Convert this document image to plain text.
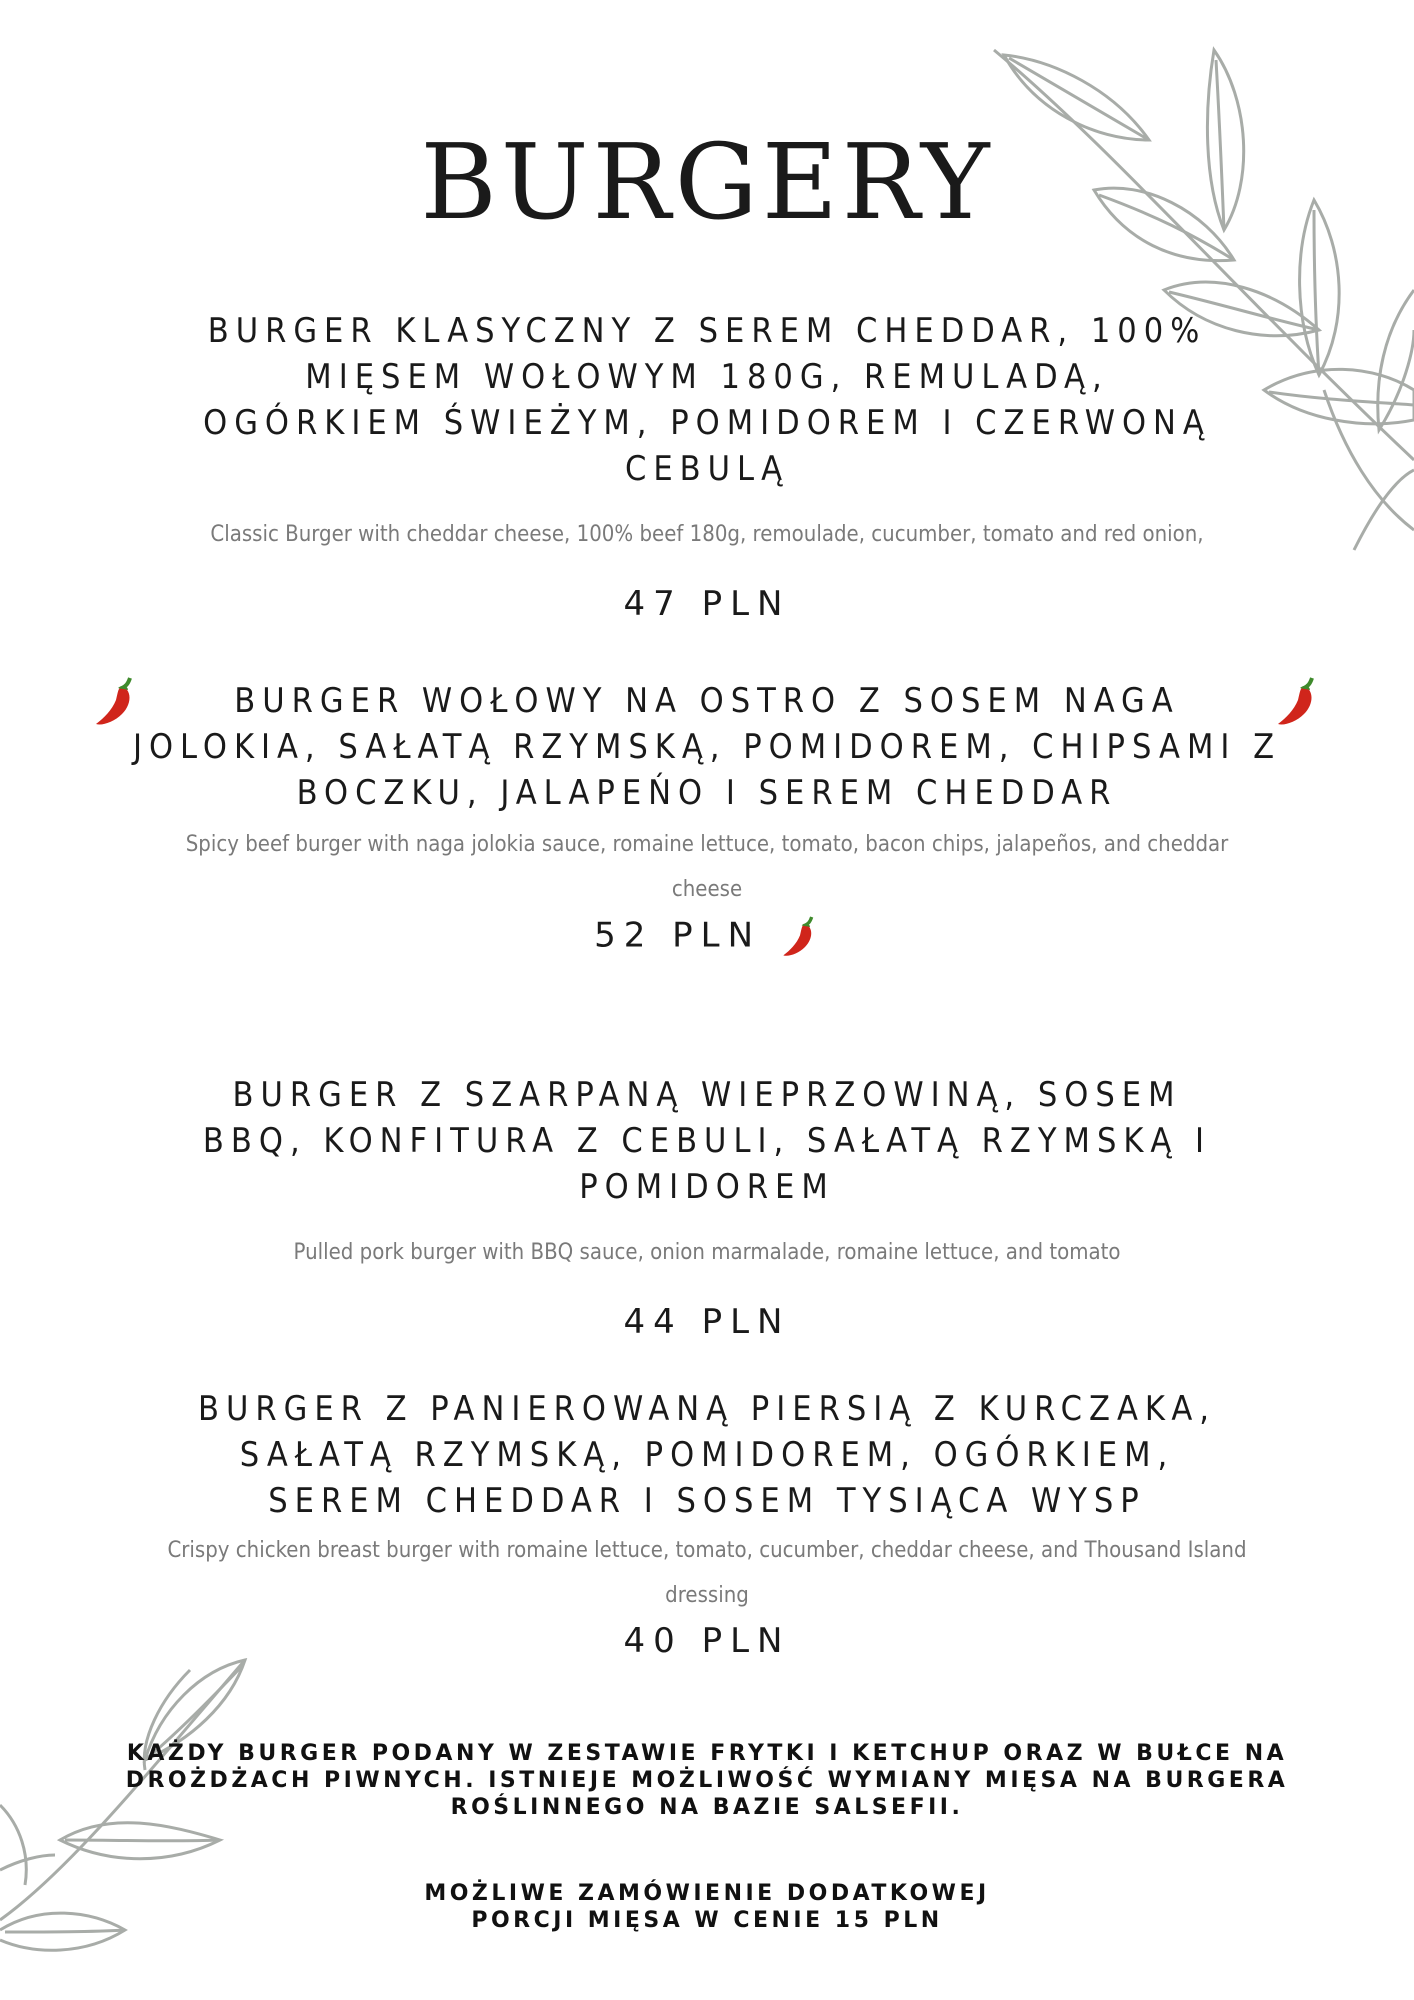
BURGERY
BURGER KLASYCZNY Z SEREM CHEDDAR, 100% MIĘSEM WOŁOWYM 180G, REMULADĄ, OGÓRKIEM ŚWIEŻYM, POMIDOREM I CZERWONĄ CEBULĄ
Classic Burger with cheddar cheese, 100% beef 180g, remoulade, cucumber, tomato and red onion,
47 PLN
BURGER WOŁOWY NA OSTRO Z SOSEM NAGA JOLOKIA, SAŁATĄ RZYMSKĄ, POMIDOREM, CHIPSAMI Z BOCZKU, JALAPEŃO I SEREM CHEDDAR
Spicy beef burger with naga jolokia sauce, romaine lettuce, tomato, bacon chips, jalapeños, and cheddar cheese
52 PLN
BURGER Z SZARPANĄ WIEPRZOWINĄ, SOSEM BBQ, KONFITURA Z CEBULI, SAŁATĄ RZYMSKĄ I POMIDOREM
Pulled pork burger with BBQ sauce, onion marmalade, romaine lettuce, and tomato
44 PLN
BURGER Z PANIEROWANĄ PIERSIĄ Z KURCZAKA, SAŁATĄ RZYMSKĄ, POMIDOREM, OGÓRKIEM, SEREM CHEDDAR I SOSEM TYSIĄCA WYSP
Crispy chicken breast burger with romaine lettuce, tomato, cucumber, cheddar cheese, and Thousand Island dressing
40 PLN
KAŻDY BURGER PODANY W ZESTAWIE FRYTKI I KETCHUP ORAZ W BUŁCE NA DROŻDŻACH PIWNYCH. ISTNIEJE MOŻLIWOŚĆ WYMIANY MIĘSA NA BURGERA ROŚLINNEGO NA BAZIE SALSEFII.
MOŻLIWE ZAMÓWIENIE DODATKOWEJ PORCJI MIĘSA W CENIE 15 PLN
